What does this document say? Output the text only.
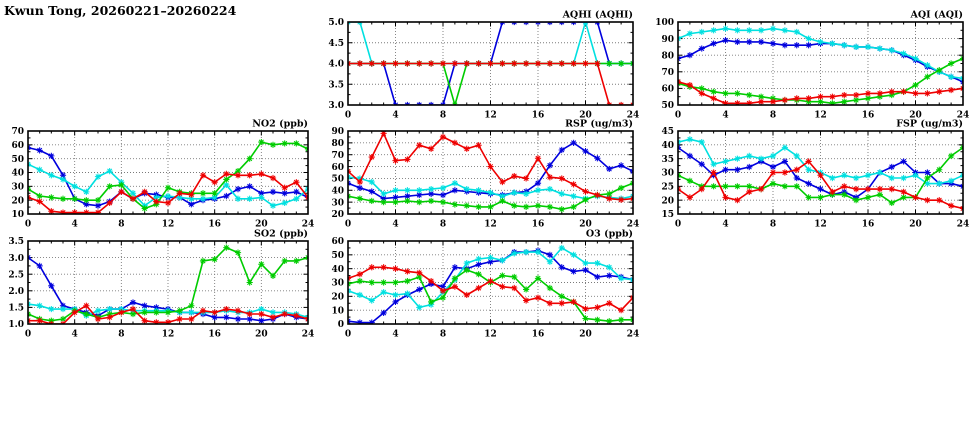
Kwun Tong, 20260221–20260224	AQHI (AQHI)
0	4	8	12	16	20	24
3.0
3.5
4.0
4.5
5.0
AQI (AQI)
0	4	8	12	16	20	24
50
60
70
80
90
100
NO2 (ppb)
0	4	8	12	16	20	24
10
20
30
40
50
60
70
RSP (ug/m3)
0	4	8	12	16	20	24
20
30
40
50
60
70
80
90
FSP (ug/m3)
0	4	8	12	16	20	24
15
20
25
30
35
40
45
SO2 (ppb)
0	4	8	12	16	20	24
1.0
1.5
2.0
2.5
3.0
3.5
O3 (ppb)
0	4	8	12	16	20	24
0
10
20
30
40
50
60
